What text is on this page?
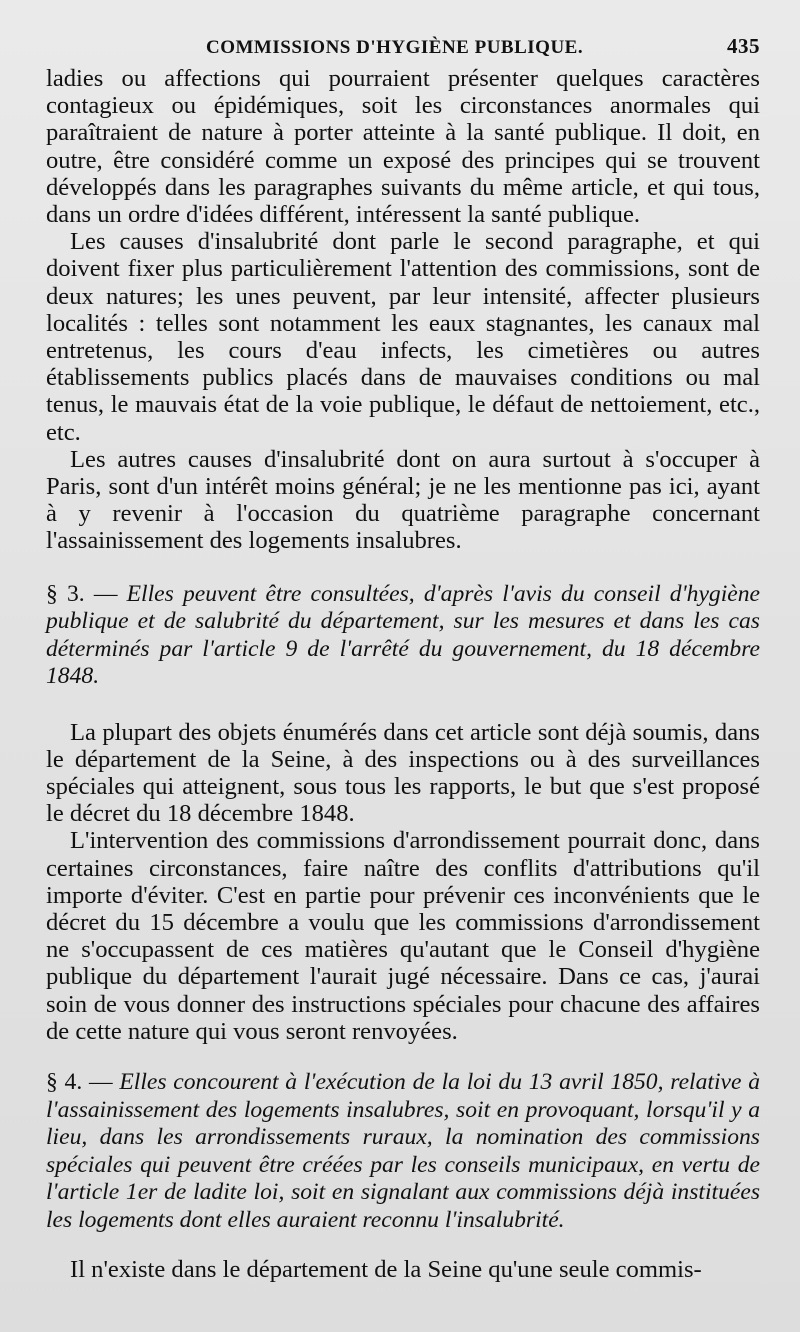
COMMISSIONS D'HYGIÈNE PUBLIQUE.	435

ladies ou affections qui pourraient présenter quelques caractères contagieux ou épidémiques, soit les circonstances anormales qui paraîtraient de nature à porter atteinte à la santé publique. Il doit, en outre, être considéré comme un exposé des principes qui se trouvent développés dans les paragraphes suivants du même article, et qui tous, dans un ordre d'idées différent, intéressent la santé publique.

Les causes d'insalubrité dont parle le second paragraphe, et qui doivent fixer plus particulièrement l'attention des commissions, sont de deux natures; les unes peuvent, par leur intensité, affecter plusieurs localités : telles sont notamment les eaux stagnantes, les canaux mal entretenus, les cours d'eau infects, les cimetières ou autres établissements publics placés dans de mauvaises conditions ou mal tenus, le mauvais état de la voie publique, le défaut de nettoiement, etc., etc.

Les autres causes d'insalubrité dont on aura surtout à s'occuper à Paris, sont d'un intérêt moins général; je ne les mentionne pas ici, ayant à y revenir à l'occasion du quatrième paragraphe concernant l'assainissement des logements insalubres.

§ 3. — Elles peuvent être consultées, d'après l'avis du conseil d'hygiène publique et de salubrité du département, sur les mesures et dans les cas déterminés par l'article 9 de l'arrêté du gouvernement, du 18 décembre 1848.

La plupart des objets énumérés dans cet article sont déjà soumis, dans le département de la Seine, à des inspections ou à des surveillances spéciales qui atteignent, sous tous les rapports, le but que s'est proposé le décret du 18 décembre 1848.

L'intervention des commissions d'arrondissement pourrait donc, dans certaines circonstances, faire naître des conflits d'attributions qu'il importe d'éviter. C'est en partie pour prévenir ces inconvénients que le décret du 15 décembre a voulu que les commissions d'arrondissement ne s'occupassent de ces matières qu'autant que le Conseil d'hygiène publique du département l'aurait jugé nécessaire. Dans ce cas, j'aurai soin de vous donner des instructions spéciales pour chacune des affaires de cette nature qui vous seront renvoyées.

§ 4. — Elles concourent à l'exécution de la loi du 13 avril 1850, relative à l'assainissement des logements insalubres, soit en provoquant, lorsqu'il y a lieu, dans les arrondissements ruraux, la nomination des commissions spéciales qui peuvent être créées par les conseils municipaux, en vertu de l'article 1er de ladite loi, soit en signalant aux commissions déjà instituées les logements dont elles auraient reconnu l'insalubrité.

Il n'existe dans le département de la Seine qu'une seule commis-
